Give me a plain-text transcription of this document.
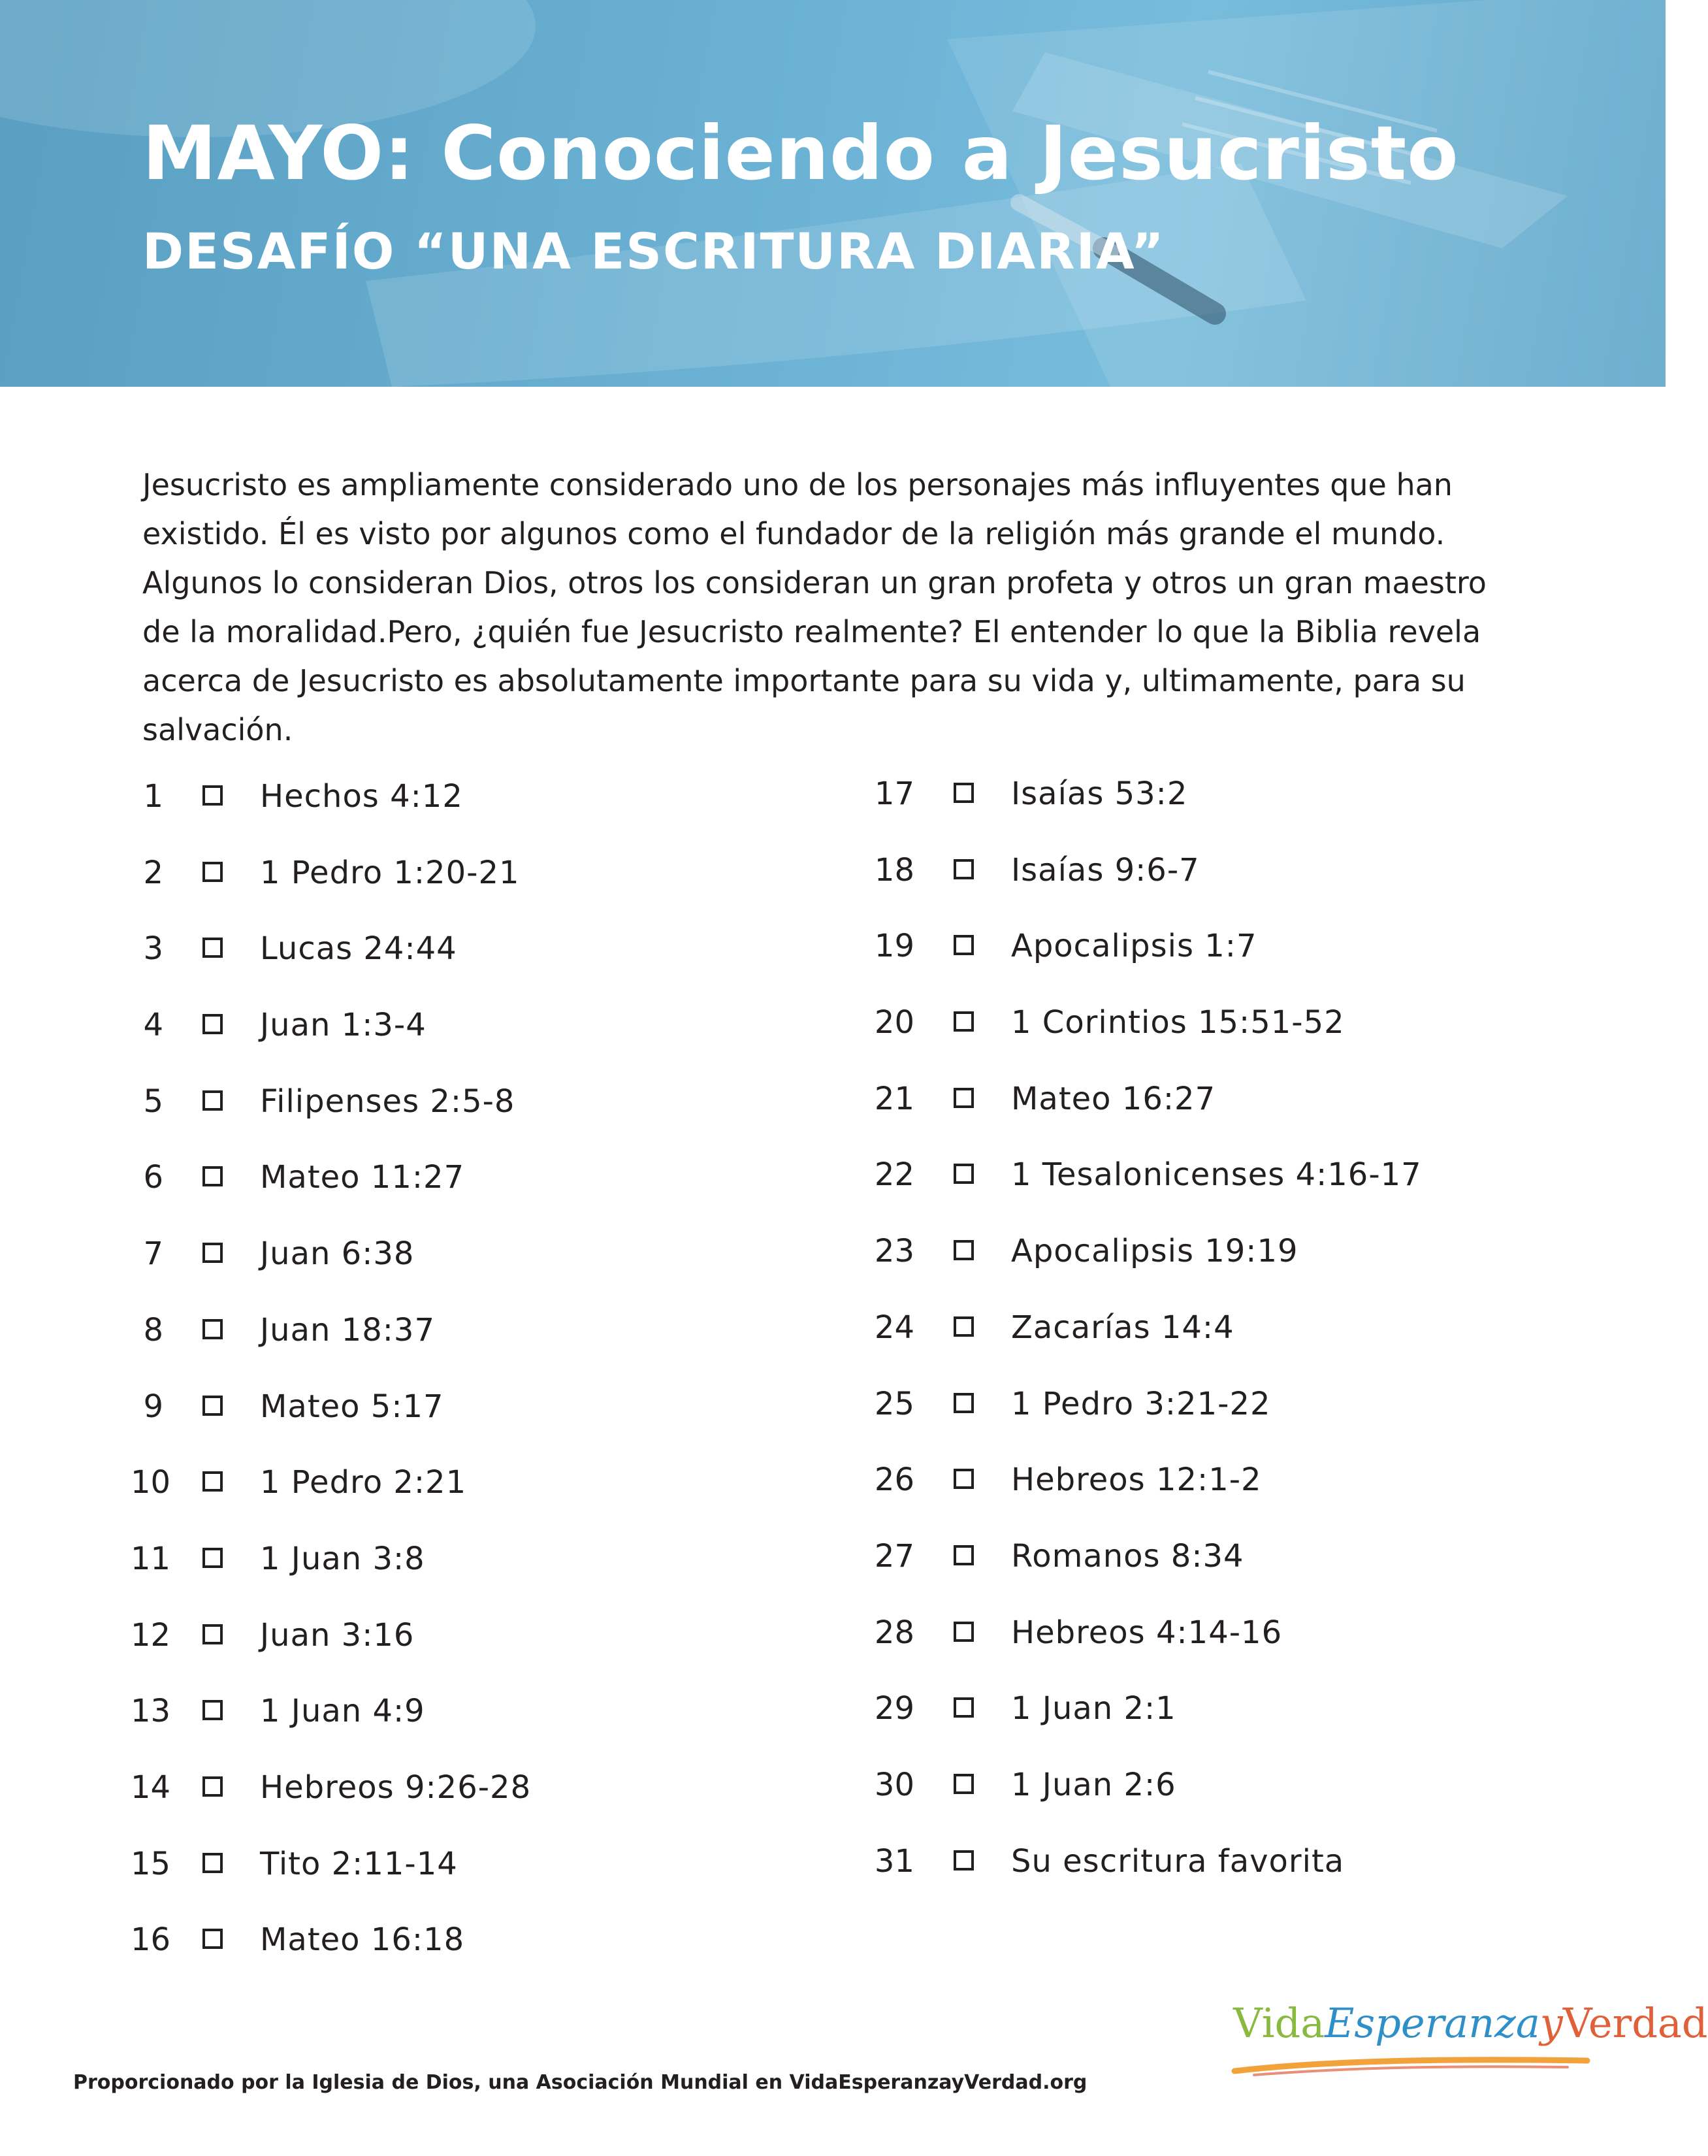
MAYO: Conociendo a Jesucristo
DESAFÍO “UNA ESCRITURA DIARIA”

Jesucristo es ampliamente considerado uno de los personajes más influyentes que han existido. Él es visto por algunos como el fundador de la religión más grande el mundo. Algunos lo consideran Dios, otros los consideran un gran profeta y otros un gran maestro de la moralidad.Pero, ¿quién fue Jesucristo realmente? El entender lo que la Biblia revela acerca de Jesucristo es absolutamente importante para su vida y, ultimamente, para su salvación.

1	Hechos 4:12
2	1 Pedro 1:20-21
3	Lucas 24:44
4	Juan 1:3-4
5	Filipenses 2:5-8
6	Mateo 11:27
7	Juan 6:38
8	Juan 18:37
9	Mateo 5:17
10	1 Pedro 2:21
11	1 Juan 3:8
12	Juan 3:16
13	1 Juan 4:9
14	Hebreos 9:26-28
15	Tito 2:11-14
16	Mateo 16:18
17	Isaías 53:2
18	Isaías 9:6-7
19	Apocalipsis 1:7
20	1 Corintios 15:51-52
21	Mateo 16:27
22	1 Tesalonicenses 4:16-17
23	Apocalipsis 19:19
24	Zacarías 14:4
25	1 Pedro 3:21-22
26	Hebreos 12:1-2
27	Romanos 8:34
28	Hebreos 4:14-16
29	1 Juan 2:1
30	1 Juan 2:6
31	Su escritura favorita

Proporcionado por la Iglesia de Dios, una Asociación Mundial en VidaEsperanzayVerdad.org

VidaEsperanzayVerdad
